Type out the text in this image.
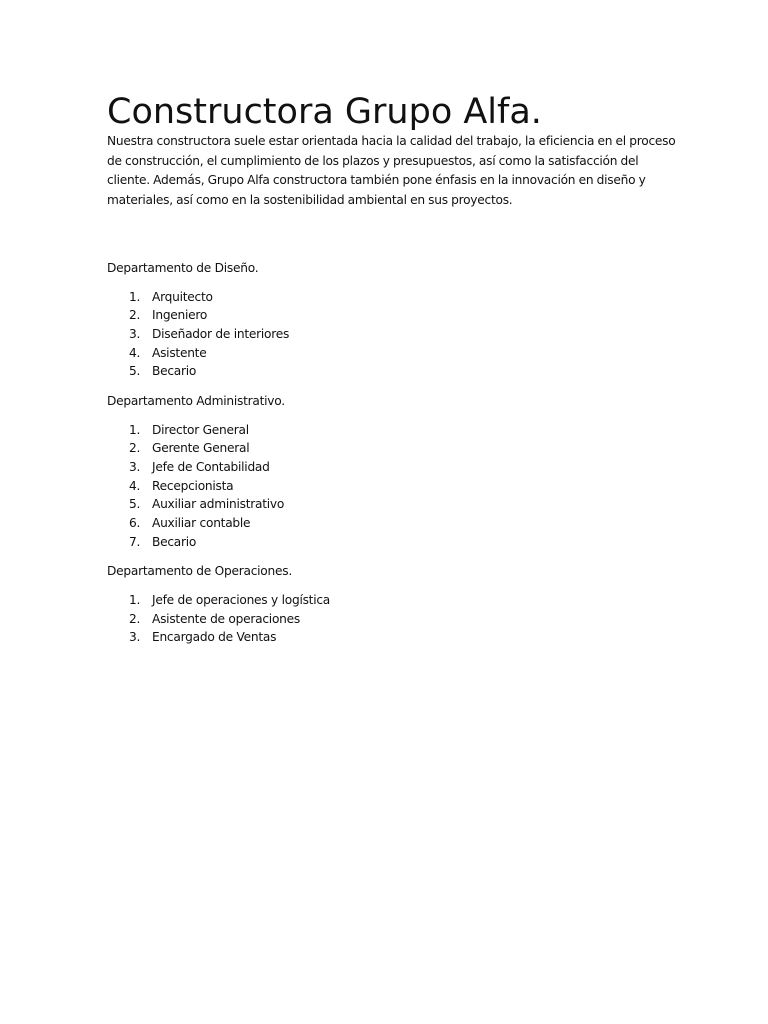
Constructora Grupo Alfa.

Nuestra constructora suele estar orientada hacia la calidad del trabajo, la eficiencia en el proceso de construcción, el cumplimiento de los plazos y presupuestos, así como la satisfacción del cliente. Además, Grupo Alfa constructora también pone énfasis en la innovación en diseño y materiales, así como en la sostenibilidad ambiental en sus proyectos.

Departamento de Diseño.

1. Arquitecto
2. Ingeniero
3. Diseñador de interiores
4. Asistente
5. Becario

Departamento Administrativo.

1. Director General
2. Gerente General
3. Jefe de Contabilidad
4. Recepcionista
5. Auxiliar administrativo
6. Auxiliar contable
7. Becario

Departamento de Operaciones.

1. Jefe de operaciones y logística
2. Asistente de operaciones
3. Encargado de Ventas
